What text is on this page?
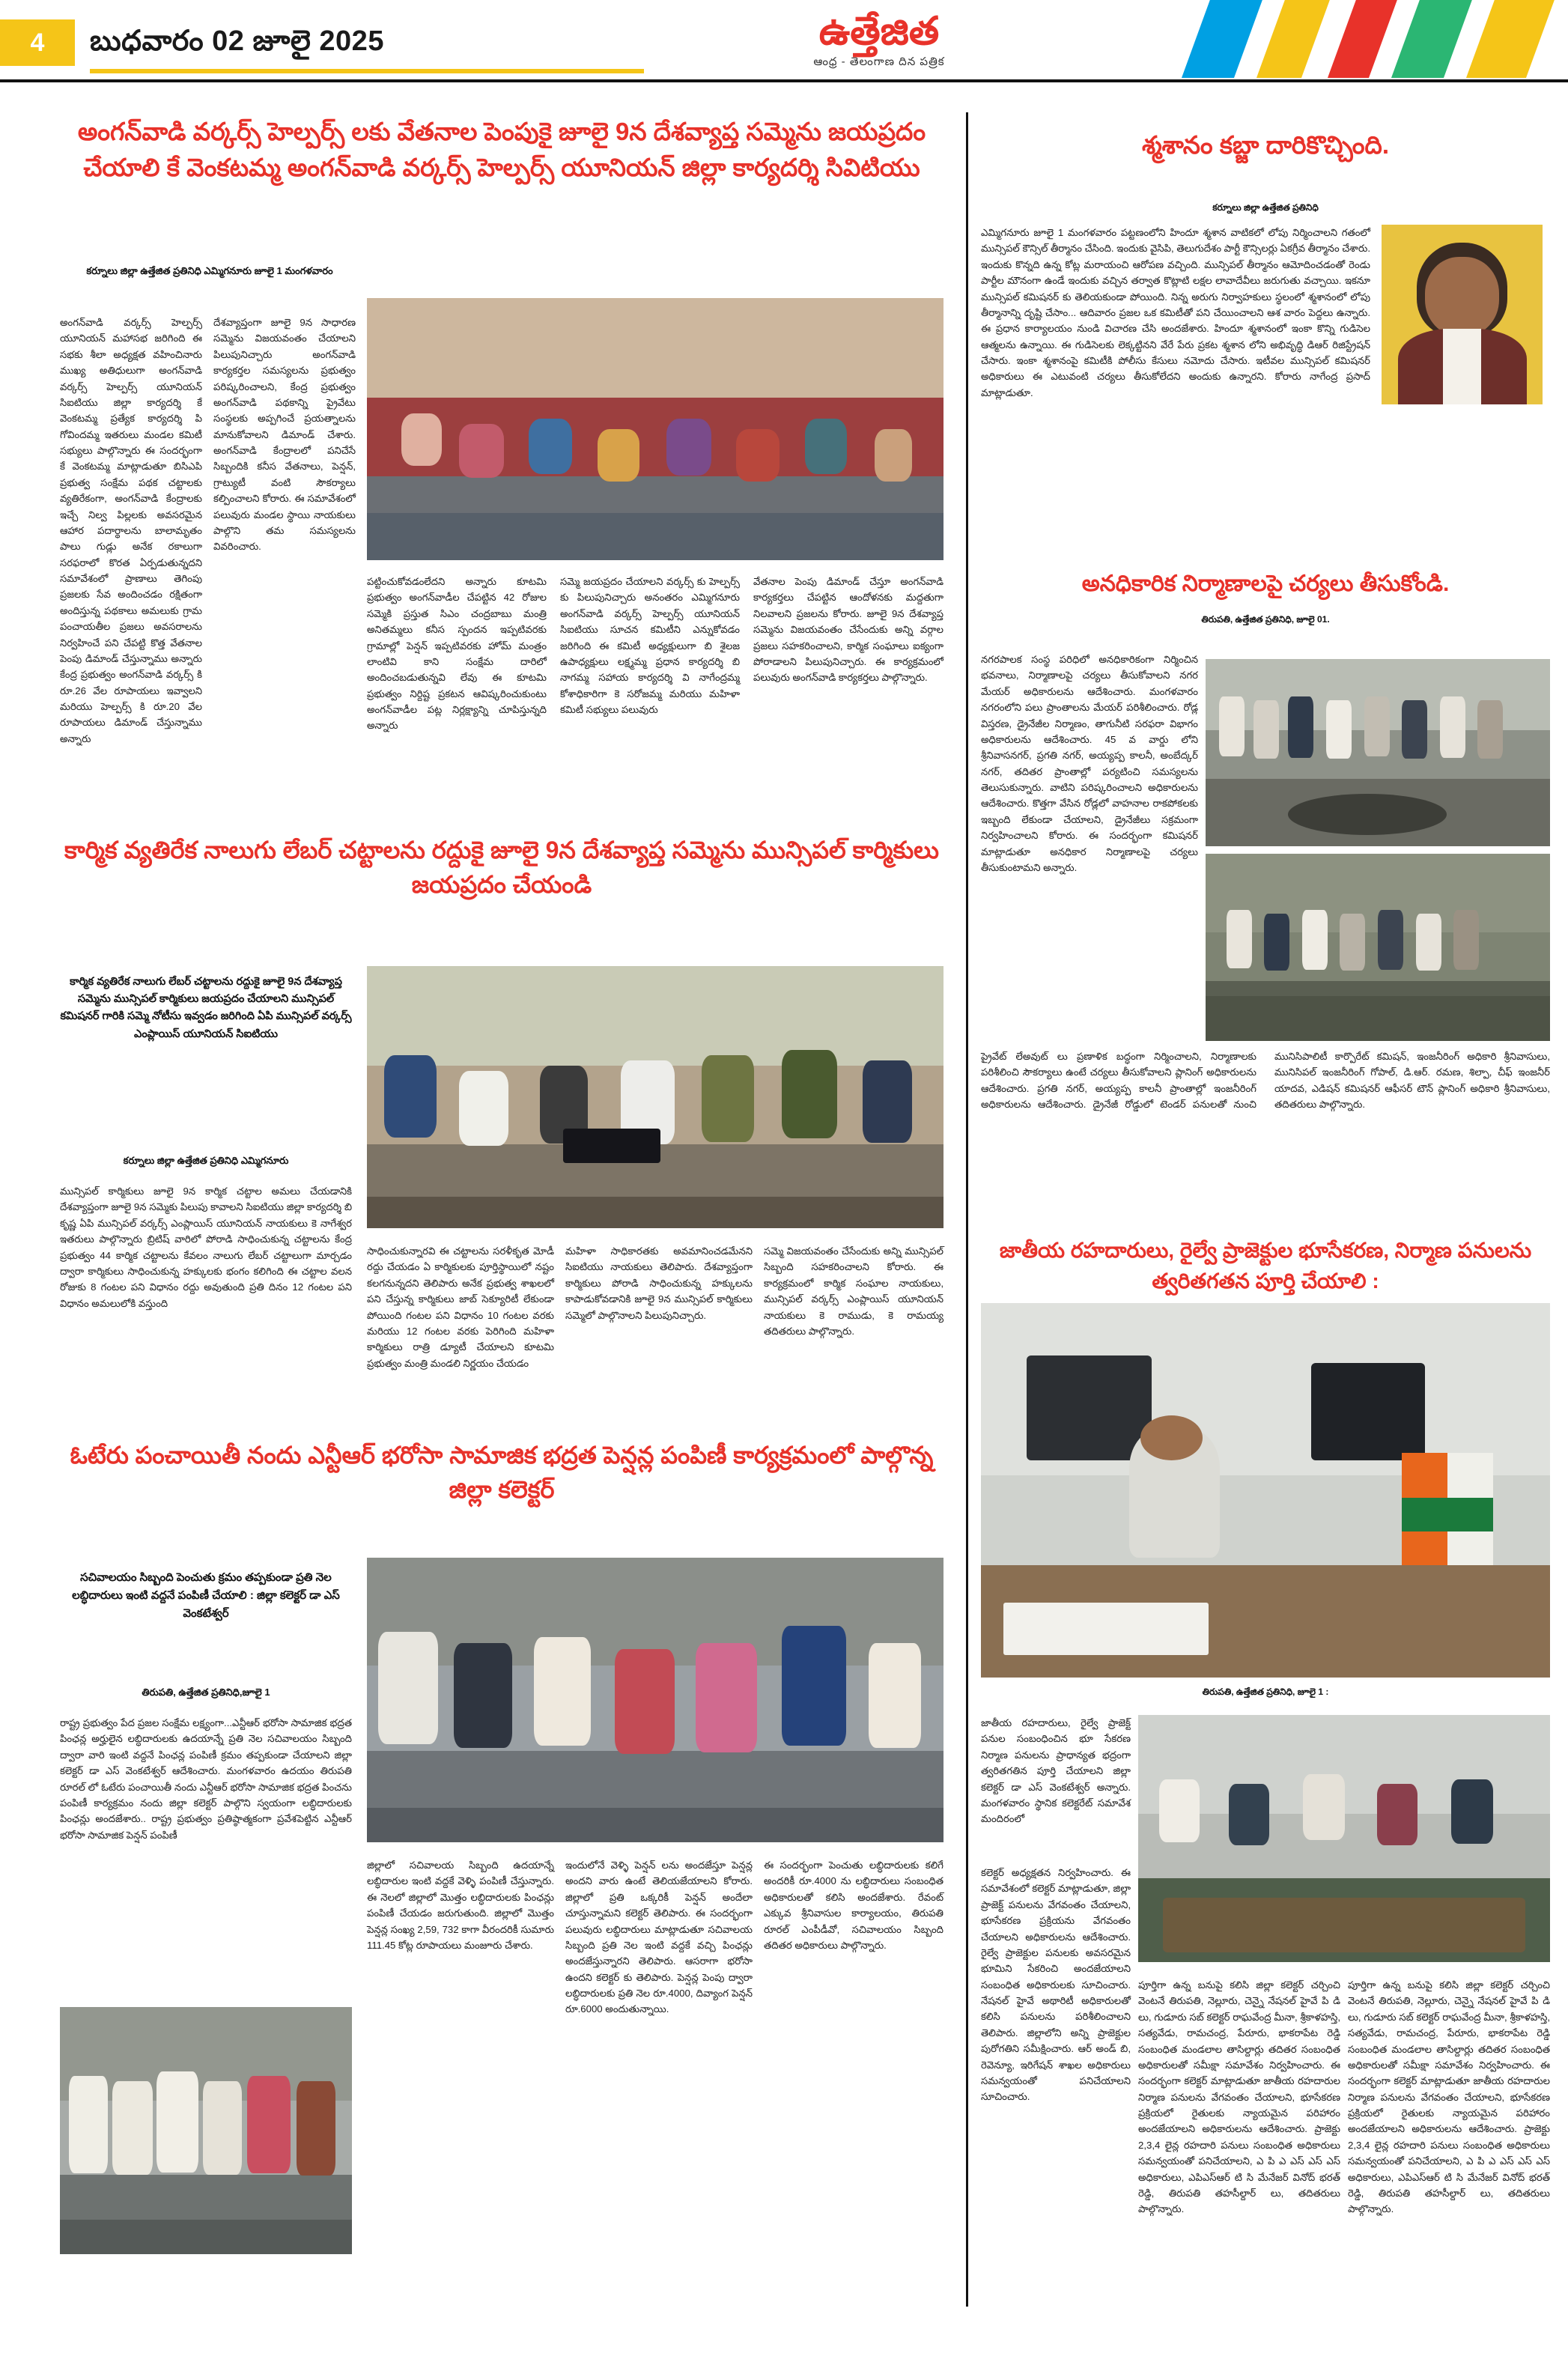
4	బుధవారం 02 జూలై 2025	ఉత్తేజిత
ఆంధ్ర - తెలంగాణ దిన పత్రిక
అంగన్‌వాడి వర్కర్స్ హెల్పర్స్ లకు వేతనాల పెంపుకై జూలై 9న దేశవ్యాప్త సమ్మెను జయప్రదం చేయాలి కే వెంకటమ్మ అంగన్‌వాడి వర్కర్స్ హెల్పర్స్ యూనియన్ జిల్లా కార్యదర్శి సివిటియు
కర్నూలు జిల్లా ఉత్తేజిత ప్రతినిధి ఎమ్మిగనూరు జూలై 1 మంగళవారం
అంగన్‌వాడి వర్కర్స్ హెల్పర్స్ యూనియన్ మహాసభ జరిగింది ఈ సభకు శీలా అధ్యక్షత వహించినారు ముఖ్య అతిధులుగా అంగన్‌వాడి వర్కర్స్ హెల్పర్స్ యూనియన్ సిఐటియు జిల్లా కార్యదర్శి కే వెంకటమ్మ ప్రత్యేక కార్యదర్శి పి గోవిందమ్మ ఇతరులు మండల కమిటీ సభ్యులు పాల్గొన్నారు ఈ సందర్భంగా కే వెంకటమ్మ మాట్లాడుతూ బిసిఎపి ప్రభుత్వ సంక్షేమ పథక చట్టాలకు వ్యతిరేకంగా, అంగన్‌వాడి కేంద్రాలకు ఇచ్చే నిల్వ పిల్లలకు అవసరమైన ఆహార పదార్థాలను బాలామృతం పాలు గుడ్లు అనేక రకాలుగా సరఫరాలో కొరత ఏర్పడుతున్నదని సమావేశంలో ప్రాణాలు తెగింపు ప్రజలకు సేవ అందించడం రక్షితంగా అందిస్తున్న పథకాలు అమలుకు గ్రామ పంచాయతీల ప్రజలు అవసరాలను నిర్వహించే పని చేపట్టి కొత్త వేతనాల పెంపు డిమాండ్ చేస్తున్నాము అన్నారు కేంద్ర ప్రభుత్వం అంగన్‌వాడి వర్కర్స్ కి రూ.26 వేల రూపాయలు ఇవ్వాలని మరియు హెల్పర్స్ కి రూ.20 వేల రూపాయలు డిమాండ్ చేస్తున్నాము అన్నారు
దేశవ్యాప్తంగా జూలై 9న సాధారణ సమ్మెను విజయవంతం చేయాలని పిలుపునిచ్చారు అంగన్‌వాడి కార్యకర్తల సమస్యలను ప్రభుత్వం పరిష్కరించాలని, కేంద్ర ప్రభుత్వం అంగన్‌వాడి పథకాన్ని ప్రైవేటు సంస్థలకు అప్పగించే ప్రయత్నాలను మానుకోవాలని డిమాండ్ చేశారు. అంగన్‌వాడి కేంద్రాలలో పనిచేసే సిబ్బందికి కనీస వేతనాలు, పెన్షన్, గ్రాట్యుటీ వంటి సౌకర్యాలు కల్పించాలని కోరారు. ఈ సమావేశంలో పలువురు మండల స్థాయి నాయకులు పాల్గొని తమ సమస్యలను వివరించారు.
పట్టించుకోవడంలేదని అన్నారు కూటమి ప్రభుత్వం అంగన్‌వాడీల చేపట్టిన 42 రోజుల సమ్మెకి ప్రస్తుత సిఎం చంద్రబాబు మంత్రి అనితమ్మలు కనీస స్పందన ఇప్పటివరకు గ్రామాల్లో పెన్షన్ ఇప్పటివరకు హోమ్ మంత్రం లాంటివి కాని సంక్షేమ దారిలో అందించబడుతున్నవి లేవు ఈ కూటమి ప్రభుత్వం నిర్దిష్ట ప్రకటన ఆవిష్కరించుకుంటు అంగన్‌వాడీల పట్ల నిర్లక్ష్యాన్ని చూపిస్తున్నది అన్నారు
సమ్మె జయప్రదం చేయాలని వర్కర్స్ కు హెల్పర్స్ కు పిలుపునిచ్చారు అనంతరం ఎమ్మిగనూరు అంగన్‌వాడి వర్కర్స్ హెల్పర్స్ యూనియన్ సిఐటియు సూచన కమిటీని ఎన్నుకోవడం జరిగింది ఈ కమిటీ అధ్యక్షులుగా బి శైలజ ఉపాధ్యక్షులు లక్ష్మమ్మ ప్రధాన కార్యదర్శి బి నాగమ్మ సహాయ కార్యదర్శి వి నాగేంద్రమ్మ కోశాధికారిగా కె సరోజమ్మ మరియు మహిళా కమిటీ సభ్యులు పలువురు
వేతనాల పెంపు డిమాండ్ చేస్తూ అంగన్‌వాడి కార్యకర్తలు చేపట్టిన ఆందోళనకు మద్దతుగా నిలవాలని ప్రజలను కోరారు. జూలై 9న దేశవ్యాప్త సమ్మెను విజయవంతం చేసేందుకు అన్ని వర్గాల ప్రజలు సహకరించాలని, కార్మిక సంఘాలు ఐక్యంగా పోరాడాలని పిలుపునిచ్చారు. ఈ కార్యక్రమంలో పలువురు అంగన్‌వాడి కార్యకర్తలు పాల్గొన్నారు.
కార్మిక వ్యతిరేక నాలుగు లేబర్ చట్టాలను రద్దుకై జూలై 9న దేశవ్యాప్త సమ్మెను మున్సిపల్ కార్మికులు జయప్రదం చేయండి
కార్మిక వ్యతిరేక నాలుగు లేబర్ చట్టాలను రద్దుకై జూలై 9న దేశవ్యాప్త సమ్మెను మున్సిపల్ కార్మికులు జయప్రదం చేయాలని మున్సిపల్ కమిషనర్ గారికి సమ్మె నోటీసు ఇవ్వడం జరిగింది ఏపి మున్సిపల్ వర్కర్స్ ఎంప్లాయిస్ యూనియన్ సిఐటియు
కర్నూలు జిల్లా ఉత్తేజిత ప్రతినిధి ఎమ్మిగనూరు
మున్సిపల్ కార్మికులు జూలై 9న కార్మిక చట్టాల అమలు చేయడానికి దేశవ్యాప్తంగా జూలై 9న సమ్మెకు పిలుపు కావాలని సిఐటియు జిల్లా కార్యదర్శి బి కృష్ణ ఏపి మున్సిపల్ వర్కర్స్ ఎంప్లాయిస్ యూనియన్ నాయకులు కె నాగేశ్వర ఇతరులు పాల్గొన్నారు బ్రిటిష్ వారిలో పోరాడి సాధించుకున్న చట్టాలను కేంద్ర ప్రభుత్వం 44 కార్మిక చట్టాలను కేవలం నాలుగు లేబర్ చట్టాలుగా మార్చడం ద్వారా కార్మికులు సాధించుకున్న హక్కులకు భంగం కలిగింది ఈ చట్టాల వలన రోజుకు 8 గంటల పని విధానం రద్దు అవుతుంది ప్రతి దినం 12 గంటల పని విధానం అమలులోకి వస్తుంది
సాధించుకున్నారవి ఈ చట్టాలను సరళీకృత మోడీ రద్దు చేయడం ఏ కార్మికులకు పూర్తిస్థాయిలో నష్టం కలగనున్నదని తెలిపారు అనేక ప్రభుత్వ శాఖలలో పని చేస్తున్న కార్మికులు జాబ్ సెక్యూరిటీ లేకుండా పోయింది గంటల పని విధానం 10 గంటల వరకు మరియు 12 గంటల వరకు పెరిగింది మహిళా కార్మికులు రాత్రి డ్యూటీ చేయాలని కూటమి ప్రభుత్వం మంత్రి మండలి నిర్ణయం చేయడం
మహిళా సాధికారతకు అవమానించడమేనని సిఐటియు నాయకులు తెలిపారు. దేశవ్యాప్తంగా కార్మికులు పోరాడి సాధించుకున్న హక్కులను కాపాడుకోవడానికి జూలై 9న మున్సిపల్ కార్మికులు సమ్మెలో పాల్గొనాలని పిలుపునిచ్చారు.
సమ్మె విజయవంతం చేసేందుకు అన్ని మున్సిపల్ సిబ్బంది సహకరించాలని కోరారు. ఈ కార్యక్రమంలో కార్మిక సంఘాల నాయకులు, మున్సిపల్ వర్కర్స్ ఎంప్లాయిస్ యూనియన్ నాయకులు కె రాముడు, కె రామయ్య తదితరులు పాల్గొన్నారు.
ఓటేరు పంచాయితీ నందు ఎన్టీఆర్ భరోసా సామాజిక భద్రత పెన్షన్ల పంపిణీ కార్యక్రమంలో పాల్గొన్న జిల్లా కలెక్టర్
సచివాలయం సిబ్బంది పెంచుతు క్రమం తప్పకుండా ప్రతి నెల లబ్ధిదారులు ఇంటి వద్దనే పంపిణీ చేయాలి : జిల్లా కలెక్టర్ డా ఎస్ వెంకటేశ్వర్
తిరుపతి, ఉత్తేజిత ప్రతినిధి,జూలై 1
రాష్ట్ర ప్రభుత్వం పేద ప్రజల సంక్షేమ లక్ష్యంగా...ఎన్టీఆర్ భరోసా సామాజిక భద్రత పింఛన్ల అర్హులైన లబ్ధిదారులకు ఉదయాన్నే ప్రతి నెల సచివాలయం సిబ్బంది ద్వారా వారి ఇంటి వద్దనే పింఛన్ల పంపిణీ క్రమం తప్పకుండా చేయాలని జిల్లా కలెక్టర్ డా ఎస్ వెంకటేశ్వర్ ఆదేశించారు. మంగళవారం ఉదయం తిరుపతి రూరల్ లో ఓటేరు పంచాయితీ నందు ఎన్టీఆర్ భరోసా సామాజిక భద్రత పించను పంపిణీ కార్యక్రమం నందు జిల్లా కలెక్టర్ పాల్గొని స్వయంగా లబ్ధిదారులకు పింఛన్లు అందజేశారు.. రాష్ట్ర ప్రభుత్వం ప్రతిష్ఠాత్మకంగా ప్రవేశపెట్టిన ఎన్టీఆర్ భరోసా సామాజిక పెన్షన్ పంపిణీ
జిల్లాలో సచివాలయ సిబ్బంది ఉదయాన్నే లబ్ధిదారుల ఇంటి వద్దకే వెళ్ళి పంపిణీ చేస్తున్నారు. ఈ నెలలో జిల్లాలో మొత్తం లబ్ధిదారులకు పింఛన్లు పంపిణీ చేయడం జరుగుతుంది. జిల్లాలో మొత్తం పెన్షన్ల సంఖ్య 2,59, 732 కాగా వీరందరికీ సుమారు 111.45 కోట్ల రూపాయలు మంజూరు చేశారు.
ఇందులోనే వెళ్ళి పెన్షన్ లను అందజేస్తూ పెన్షన్ల అందని వారు ఉంటే తెలియజేయాలని కోరారు. జిల్లాలో ప్రతి ఒక్కరికీ పెన్షన్ అందేలా చూస్తున్నామని కలెక్టర్ తెలిపారు. ఈ సందర్భంగా పలువురు లబ్ధిదారులు మాట్లాడుతూ సచివాలయ సిబ్బంది ప్రతి నెల ఇంటి వద్దకే వచ్చి పింఛన్లు అందజేస్తున్నారని తెలిపారు. ఆసరాగా భరోసా ఉందని కలెక్టర్ కు తెలిపారు. పెన్షన్ల పెంపు ద్వారా లబ్ధిదారులకు ప్రతి నెల రూ.4000, దివ్యాంగ పెన్షన్ రూ.6000 అందుతున్నాయి.
ఈ సందర్భంగా పెంచుతు లబ్ధిదారులకు కలిగే అందరికీ రూ.4000 ను లబ్ధిదారులు సంబంధిత అధికారులతో కలిసి అందజేశారు. రేవంట్ ఎక్కువ శ్రీనివాసుల కార్యాలయం, తిరుపతి రూరల్ ఎంపీడీవో, సచివాలయం సిబ్బంది తదితర అధికారులు పాల్గొన్నారు.
శ్మశానం కబ్జా దారికొచ్చింది.
కర్నూలు జిల్లా ఉత్తేజిత ప్రతినిధి
ఎమ్మిగనూరు జూలై 1 మంగళవారం పట్టణంలోని హిందూ శ్మశాన వాటికలో లోపు నిర్మించాలని గతంలో మున్సిపల్ కౌన్సిల్ తీర్మానం చేసింది. ఇందుకు వైసిపి, తెలుగుదేశం పార్టీ కౌన్సిలర్లు ఏకగ్రీవ తీర్మానం చేశారు. ఇందుకు కొన్నది ఉన్న కోట్ల మరాయంచి ఆరోపణ వచ్చింది. మున్సిపల్ తీర్మానం ఆమోదించడంతో రెండు పార్టీల మౌనంగా ఉండే ఇందుకు వచ్చిన తర్వాత కొట్లాటి లక్షల లావాదేవీలు జరుగుతు వచ్చాయి. ఇకనూ మున్సిపల్ కమిషనర్ కు తెలియకుండా పోయింది. నిన్న అరుగు నిర్వాహకులు స్థలంలో శ్మశానంలో లోపు తీర్మానాన్ని దృష్టి చేసాం... ఆదివారం ప్రజల ఒక కమిటీతో పని చేయించాలని ఆశ వారం పెద్దలు ఉన్నారు. ఈ ప్రధాన కార్యాలయం నుండి విచారణ చేసి అందజేశారు. హిందూ శ్మశానంలో ఇంకా కొన్ని గుడిసెల ఆత్మలను ఉన్నాయి. ఈ గుడిసెలకు లెక్కట్టినని వేరే పేరు ప్రకట శ్మశాన లోని అభివృద్ధి డిఆర్ రిజిస్ట్రేషన్ చేసారు. ఇంకా శ్మశానంపై కమిటీకి పోలీసు కేసులు నమోదు చేసారు. ఇటీవల మున్సిపల్ కమిషనర్ అధికారులు ఈ ఎటువంటి చర్యలు తీసుకోలేదని అందుకు ఉన్నారని. కోరారు నాగేంద్ర ప్రసాద్ మాట్లాడుతూ.
అనధికారిక నిర్మాణాలపై చర్యలు తీసుకోండి.
తిరుపతి, ఉత్తేజిత ప్రతినిధి, జూలై 01.
నగరపాలక సంస్థ పరిధిలో అనధికారికంగా నిర్మించిన భవనాలు, నిర్మాణాలపై చర్యలు తీసుకోవాలని నగర మేయర్ అధికారులను ఆదేశించారు. మంగళవారం నగరంలోని పలు ప్రాంతాలను మేయర్ పరిశీలించారు. రోడ్ల విస్తరణ, డ్రైనేజీల నిర్మాణం, తాగునీటి సరఫరా విభాగం అధికారులను ఆదేశించారు. 45 వ వార్డు లోని శ్రీనివాసనగర్, ప్రగతి నగర్, అయ్యప్ప కాలనీ, అంబేద్కర్ నగర్, తదితర ప్రాంతాల్లో పర్యటించి సమస్యలను తెలుసుకున్నారు. వాటిని పరిష్కరించాలని అధికారులను ఆదేశించారు. కొత్తగా వేసిన రోడ్లలో వాహనాల రాకపోకలకు ఇబ్బంది లేకుండా చేయాలని, డ్రైనేజీలు సక్రమంగా నిర్వహించాలని కోరారు. ఈ సందర్భంగా కమిషనర్ మాట్లాడుతూ అనధికార నిర్మాణాలపై చర్యలు తీసుకుంటామని అన్నారు.
ప్రైవేట్ లేఅవుట్ లు ప్రణాళిక బద్ధంగా నిర్మించాలని, నిర్మాణాలకు పరిశీలించి సౌకర్యాలు ఉంటే చర్యలు తీసుకోవాలని ప్లానింగ్ అధికారులను ఆదేశించారు. ప్రగతి నగర్, అయ్యప్ప కాలనీ ప్రాంతాల్లో ఇంజనీరింగ్ అధికారులను ఆదేశించారు. డ్రైనేజీ రోడ్డులో టెండర్ పనులతో నుంచి మునిసిపాలిటీ కార్పొరేట్ కమిషన్, ఇంజనీరింగ్ అధికారి శ్రీనివాసులు, మునిసిపల్ ఇంజనీరింగ్ గోపాల్, డి.ఆర్. రమణ, శిల్పా, చీఫ్ ఇంజనీర్ యాదవ, ఎడిషన్ కమిషనర్ ఆఫీసర్ టౌన్ ప్లానింగ్ అధికారి శ్రీనివాసులు, తదితరులు పాల్గొన్నారు.
జాతీయ రహదారులు, రైల్వే ప్రాజెక్టుల భూసేకరణ, నిర్మాణ పనులను త్వరితగతన పూర్తి చేయాలి :
తిరుపతి, ఉత్తేజిత ప్రతినిధి, జూలై 1 :
జాతీయ రహదారులు, రైల్వే ప్రాజెక్ట్ పనుల సంబంధించిన భూ సేకరణ నిర్మాణ పనులను ప్రాధాన్యత భద్రంగా త్వరితగతిన పూర్తి చేయాలని జిల్లా కలెక్టర్ డా ఎస్ వెంకటేశ్వర్ అన్నారు. మంగళవారం స్థానిక కలెక్టరేట్ సమావేశ మందిరంలో
కలెక్టర్ అధ్యక్షతన నిర్వహించారు. ఈ సమావేశంలో కలెక్టర్ మాట్లాడుతూ, జిల్లా ప్రాజెక్ట్ పనులను వేగవంతం చేయాలని, భూసేకరణ ప్రక్రియను వేగవంతం చేయాలని అధికారులను ఆదేశించారు. రైల్వే ప్రాజెక్టుల పనులకు అవసరమైన భూమిని సేకరించి అందజేయాలని సంబంధిత అధికారులకు సూచించారు. నేషనల్ హైవే అథారిటీ అధికారులతో కలిసి పనులను పరిశీలించాలని తెలిపారు. జిల్లాలోని అన్ని ప్రాజెక్టుల పురోగతిని సమీక్షించారు. ఆర్ అండ్ బి, రెవెన్యూ, ఇరిగేషన్ శాఖల అధికారులు సమన్వయంతో పనిచేయాలని సూచించారు.
పూర్తిగా ఉన్న బనుపై కలిసి జిల్లా కలెక్టర్ చర్చించి వెంటనే తిరుపతి, నెల్లూరు, చెన్నై నేషనల్ హైవే పి డి లు, గుడూరు సబ్ కలెక్టర్ రాఘవేంద్ర మీనా, శ్రీకాళహస్తి, సత్యవేడు, రామచంద్ర, పేరూరు, భాకరాపేట రెడ్డి సంబంధిత మండలాల తాసిల్దార్లు తదితర సంబంధిత అధికారులతో సమీక్షా సమావేశం నిర్వహించారు. ఈ సందర్భంగా కలెక్టర్ మాట్లాడుతూ జాతీయ రహదారుల నిర్మాణ పనులను వేగవంతం చేయాలని, భూసేకరణ ప్రక్రియలో రైతులకు న్యాయమైన పరిహారం అందజేయాలని అధికారులను ఆదేశించారు. ప్రాజెక్టు 2,3,4 లైన్ల రహదారి పనులు సంబంధిత అధికారులు సమన్వయంతో పనిచేయాలని, ఎ పి ఎ ఎస్ ఎస్ ఎస్ అధికారులు, ఎపిఎస్ఆర్ టి సి మేనేజర్ వినోద్ భరత్ రెడ్డి, తిరుపతి తహసీల్దార్ లు, తదితరులు పాల్గొన్నారు.
పూర్తిగా ఉన్న బనుపై కలిసి జిల్లా కలెక్టర్ చర్చించి వెంటనే తిరుపతి, నెల్లూరు, చెన్నై నేషనల్ హైవే పి డి లు, గుడూరు సబ్ కలెక్టర్ రాఘవేంద్ర మీనా, శ్రీకాళహస్తి, సత్యవేడు, రామచంద్ర, పేరూరు, భాకరాపేట రెడ్డి సంబంధిత మండలాల తాసిల్దార్లు తదితర సంబంధిత అధికారులతో సమీక్షా సమావేశం నిర్వహించారు. ఈ సందర్భంగా కలెక్టర్ మాట్లాడుతూ జాతీయ రహదారుల నిర్మాణ పనులను వేగవంతం చేయాలని, భూసేకరణ ప్రక్రియలో రైతులకు న్యాయమైన పరిహారం అందజేయాలని అధికారులను ఆదేశించారు. ప్రాజెక్టు 2,3,4 లైన్ల రహదారి పనులు సంబంధిత అధికారులు సమన్వయంతో పనిచేయాలని, ఎ పి ఎ ఎస్ ఎస్ ఎస్ అధికారులు, ఎపిఎస్ఆర్ టి సి మేనేజర్ వినోద్ భరత్ రెడ్డి, తిరుపతి తహసీల్దార్ లు, తదితరులు పాల్గొన్నారు.
